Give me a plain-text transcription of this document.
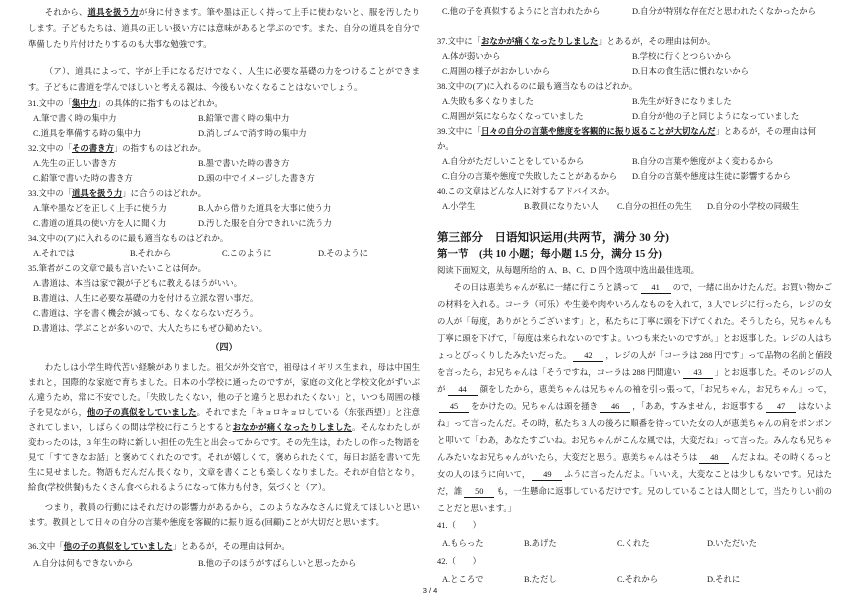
それから、道具を扱う力が身に付きます。筆や墨は正しく持って上手に使わないと、服を汚したりします。子どもたちは、道具の正しい扱い方には意味があると学ぶのです。また、自分の道具を自分で準備したり片付けたりするのも大事な勉強です。

（ア）、道具によって、字が上手になるだけでなく、人生に必要な基礎の力をつけることができます。子どもに書道を学んでほしいと考える親は、今後もいなくなることはないでしょう。

31.文中の「集中力」の具体的に指すものはどれか。
A.筆で書く時の集中力	B.鉛筆で書く時の集中力
C.道具を準備する時の集中力	D.消しゴムで消す時の集中力
32.文中の「その書き方」の指すものはどれか。
A.先生の正しい書き方	B.墨で書いた時の書き方
C.鉛筆で書いた時の書き方	D.頭の中でイメージした書き方
33.文中の「道具を扱う力」に合うのはどれか。
A.筆や墨などを正しく上手に使う力	B.人から借りた道具を大事に使う力
C.書道の道具の使い方を人に聞く力	D.汚した服を自分できれいに洗う力
34.文中の(ア)に入れるのに最も適当なものはどれか。
A.それでは	B.それから	C.このように	D.そのように
35.筆者がこの文章で最も言いたいことは何か。
A.書道は、本当は家で親が子どもに教えるほうがいい。
B.書道は、人生に必要な基礎の力を付ける立派な習い事だ。
C.書道は、字を書く機会が減っても、なくならないだろう。
D.書道は、学ぶことが多いので、大人たちにもぜひ勧めたい。
（四）

わたしは小学生時代苦い経験がありました。祖父が外交官で，祖母はイギリス生まれ，母は中国生まれと，国際的な家庭で育ちました。日本の小学校に通ったのですが，家庭の文化と学校文化がずいぶん違うため，常に不安でした。「失敗したくない，他の子と違うと思われたくない」と，いつも周囲の様子を見ながら，他の子の真似をしていました。それでまた「キョロキョロしている（东张西望）」と注意されてしまい，しばらくの間は学校に行こうとするとおなかが痛くなったりしました。そんなわたしが変わったのは，3 年生の時に新しい担任の先生と出会ってからです。その先生は，わたしの作った物語を見て「すてきなお話」と褒めてくれたのです。それが嬉しくて，褒められたくて，毎日お話を書いて先生に見せました。物語もだんだん長くなり，文章を書くことも楽しくなりました。それが自信となり，給食(学校供餐)もたくさん食べられるようになって体力も付き，気づくと（ア）。

つまり，教員の行動にはそれだけの影響力があるから，このようなみなさんに覚えてほしいと思います。教員として日々の自分の言葉や態度を客観的に振り返る(回顧)ことが大切だと思います。

36.文中「他の子の真似をしていました」とあるが，その理由は何か。
A.自分は何もできないから	B.他の子のほうがすばらしいと思ったから
C.他の子を真似するようにと言われたから	D.自分が特別な存在だと思われたくなかったから
37.文中に「おなかが痛くなったりしました」とあるが，その理由は何か。
A.体が弱いから	B.学校に行くとつらいから
C.周囲の様子がおかしいから	D.日本の食生活に慣れないから
38.文中の(ア)に入れるのに最も適当なものはどれか。
A.失敗も多くなりました	B.先生が好きになりました
C.周囲が気にならなくなっていました	D.自分が他の子と同じようになっていました
39.文中に「日々の自分の言葉や態度を客観的に振り返ることが大切なんだ」とあるが，その理由は何か。
A.自分がただしいことをしているから	B.自分の言葉や態度がよく変わるから
C.自分の言葉や態度で失敗したことがあるから	D.自分の言葉や態度は生徒に影響するから
40.この文章はどんな人に対するアドバイスか。
A.小学生	B.教員になりたい人	C.自分の担任の先生	D.自分の小学校の同級生
第三部分　日语知识运用(共两节，满分 30 分)
第一节　(共 10 小题；每小题 1.5 分，满分 15 分)
阅读下面短文，从每题所给的 A、B、C、D 四个选项中选出最佳选项。

その日は恵美ちゃんが私に一緒に行こうと誘って 41 ので，一緒に出かけたんだ。お買い物かごの材料を入れる。コーラ（可乐）や生姜や肉やいろんなものを入れて，3 人でレジに行ったら，レジの女の人が「毎度，ありがとうございます」と，私たちに丁寧に頭を下げてくれた。そうしたら，兄ちゃんも丁寧に頭を下げて，「毎度は来られないのですよ。いつも来たいのですが。」とお返事した。レジの人はちょっとびっくりしたみたいだった。 42 ，レジの人が「コーラは 288 円です」って品物の名前と値段を言ったら，お兄ちゃんは「そうですね，コーラは 288 円間違い 43 」とお返事した。そのレジの人が 44 顔をしたから，恵美ちゃんは兄ちゃんの袖を引っ張って，「お兄ちゃん，お兄ちゃん」って，45 をかけたの。兄ちゃんは頭を掻き 46 ，「ああ，すみません，お返事する 47 はないよね」って言ったんだ。その時，私たち 3 人の後ろに順番を待っていた女の人が恵美ちゃんの肩をポンポンと叩いて「わあ，あなたすごいね。お兄ちゃんがこんな風では，大変だね」って言った。みんなも兄ちゃんみたいなお兄ちゃんがいたら，大変だと思う。恵美ちゃんはそうは 48 んだよね。その時くるっと女の人のほうに向いて， 49 ふうに言ったんだよ。「いいえ，大変なことは少しもないです。兄はただ，誰 50 も，一生懸命に返事しているだけです。兄のしていることは人間として，当たりしい前のことだと思います。」

41.（　　）
A.もらった	B.あげた	C.くれた	D.いただいた
42.（　　）
A.ところで	B.ただし	C.それから	D.それに
3 / 4
